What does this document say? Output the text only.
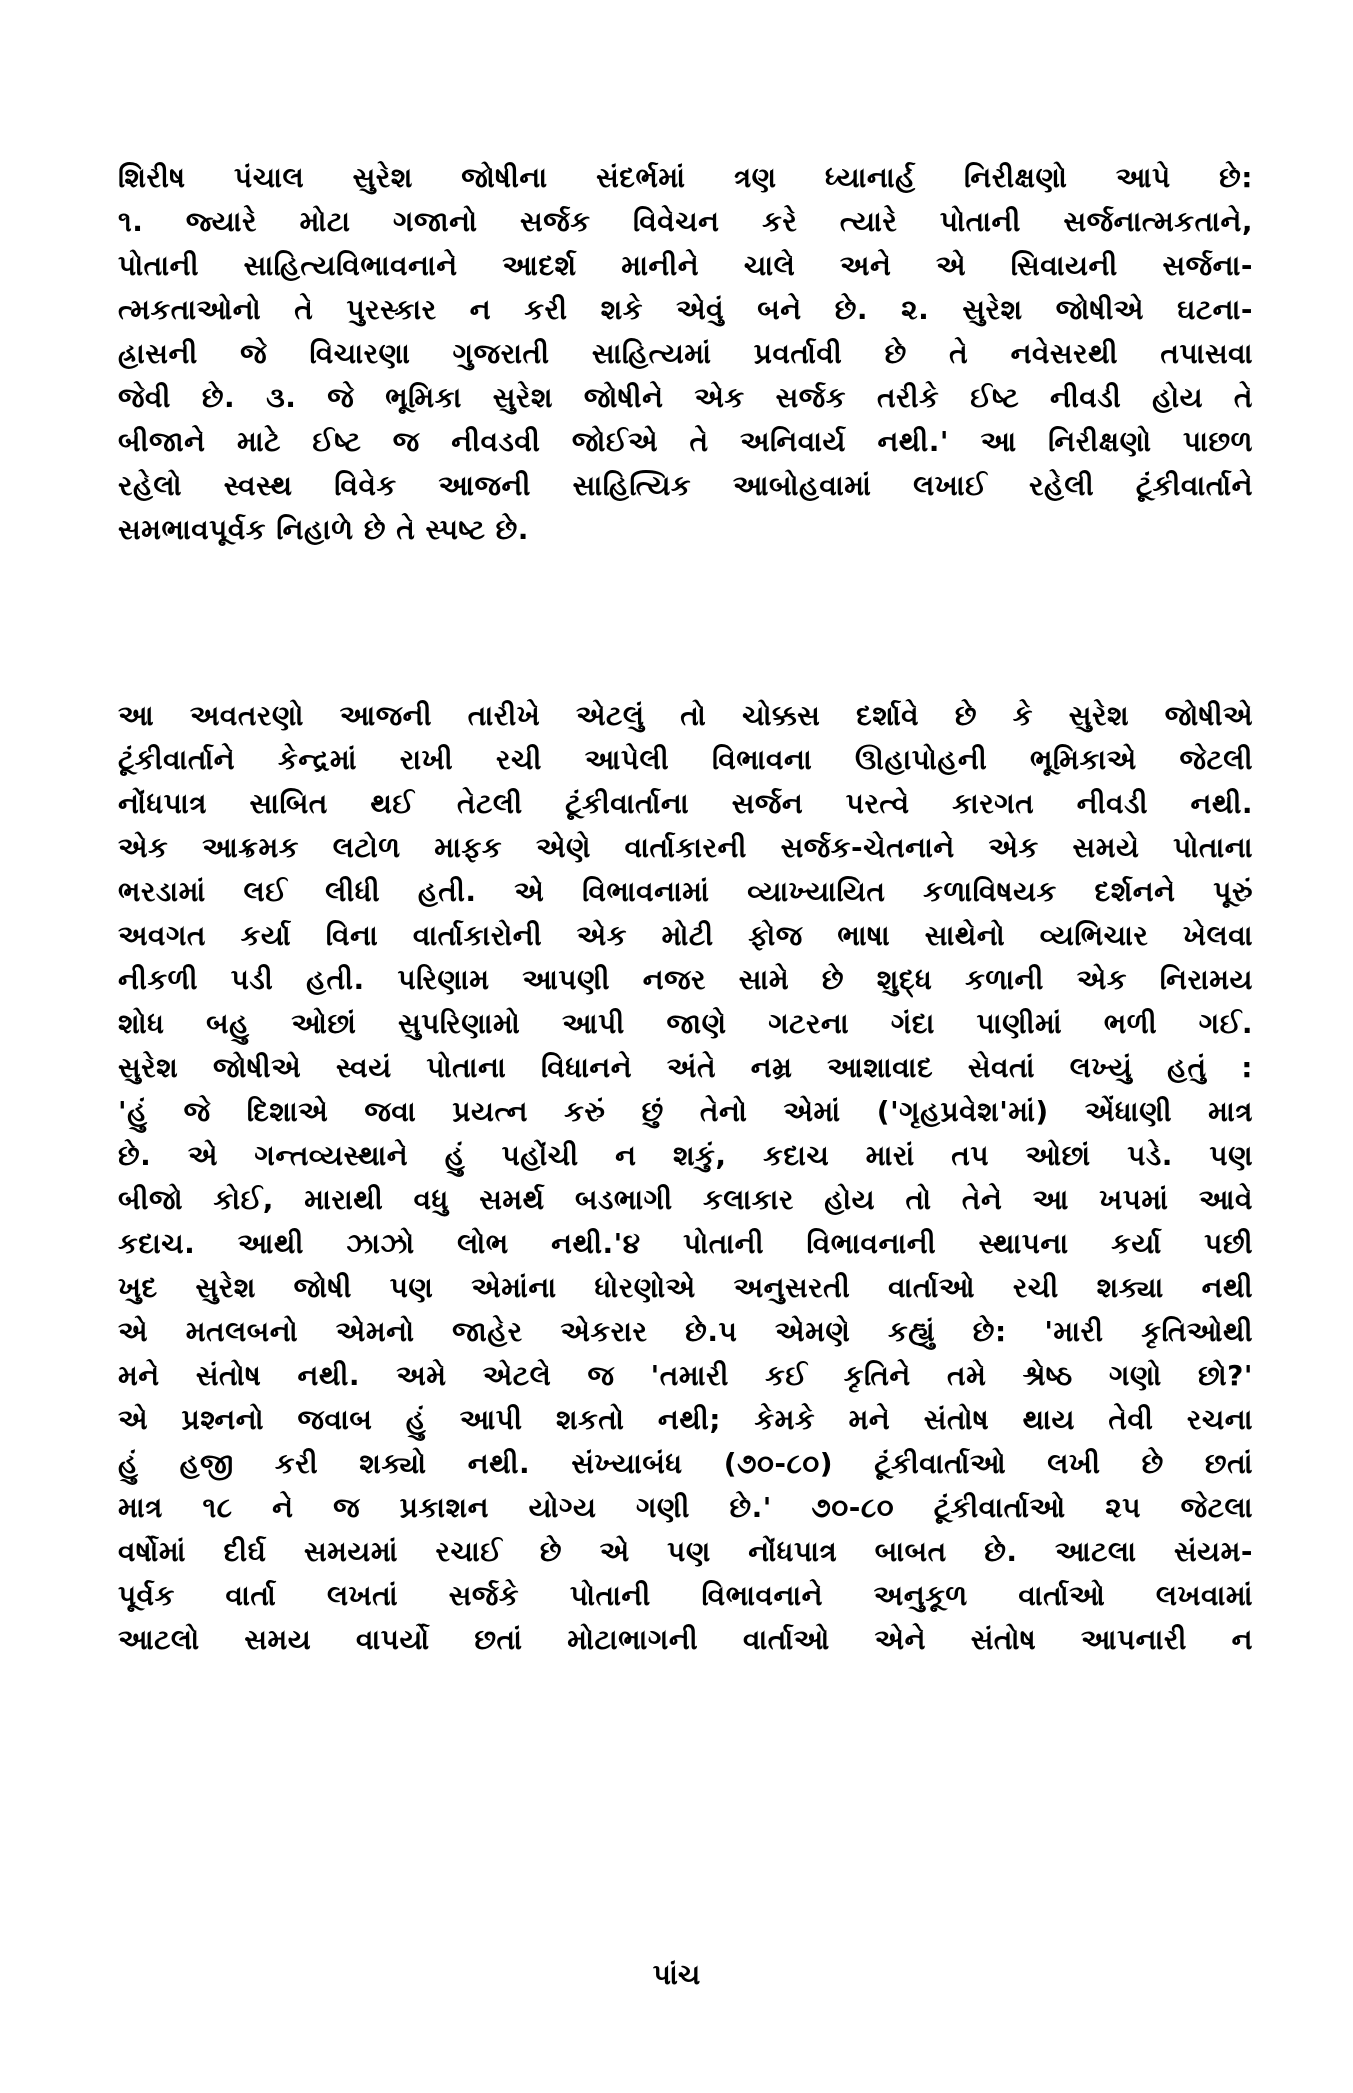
શિરીષ પંચાલ સુરેશ જોષીના સંદર્ભમાં ત્રણ ધ્યાનાર્હ નિરીક્ષણો આપે છે:
૧. જ્યારે મોટા ગજાનો સર્જક વિવેચન કરે ત્યારે પોતાની સર્જનાત્મકતાને,
પોતાની સાહિત્યવિભાવનાને આદર્શ માનીને ચાલે અને એ સિવાયની સર્જના-
ત્મકતાઓનો તે પુરસ્કાર ન કરી શકે એવું બને છે. ૨. સુરેશ જોષીએ ઘટના-
હ્રાસની જે વિચારણા ગુજરાતી સાહિત્યમાં પ્રવર્તાવી છે તે નવેસરથી તપાસવા
જેવી છે. ૩. જે ભૂમિકા સુરેશ જોષીને એક સર્જક તરીકે ઈષ્ટ નીવડી હોય તે
બીજાને માટે ઈષ્ટ જ નીવડવી જોઈએ તે અનિવાર્ય નથી.' આ નિરીક્ષણો પાછળ
રહેલો સ્વસ્થ વિવેક આજની સાહિત્યિક આબોહવામાં લખાઈ રહેલી ટૂંકીવાર્તાને
સમભાવપૂર્વક નિહાળે છે તે સ્પષ્ટ છે.
આ અવતરણો આજની તારીખે એટલું તો ચોક્કસ દર્શાવે છે કે સુરેશ જોષીએ
ટૂંકીવાર્તાને કેન્દ્રમાં રાખી રચી આપેલી વિભાવના ઊહાપોહની ભૂમિકાએ જેટલી
નોંધપાત્ર સાબિત થઈ તેટલી ટૂંકીવાર્તાના સર્જન પરત્વે કારગત નીવડી નથી.
એક આક્રમક લટોળ માફક એણે વાર્તાકારની સર્જક-ચેતનાને એક સમયે પોતાના
ભરડામાં લઈ લીધી હતી. એ વિભાવનામાં વ્યાખ્યાયિત કળાવિષયક દર્શનને પૂરું
અવગત કર્યા વિના વાર્તાકારોની એક મોટી ફોજ ભાષા સાથેનો વ્યભિચાર ખેલવા
નીકળી પડી હતી. પરિણામ આપણી નજર સામે છે શુદ્ધ કળાની એક નિરામય
શોધ બહુ ઓછાં સુપરિણામો આપી જાણે ગટરના ગંદા પાણીમાં ભળી ગઈ.
સુરેશ જોષીએ સ્વયં પોતાના વિધાનને અંતે નમ્ર આશાવાદ સેવતાં લખ્યું હતું :
'હું જે દિશાએ જવા પ્રયત્ન કરું છું તેનો એમાં ('ગૃહપ્રવેશ'માં) એંધાણી માત્ર
છે. એ ગન્તવ્યસ્થાને હું પહોંચી ન શકું, કદાચ મારાં તપ ઓછાં પડે. પણ
બીજો કોઈ, મારાથી વધુ સમર્થ બડભાગી કલાકાર હોય તો તેને આ ખપમાં આવે
કદાચ. આથી ઝાઝો લોભ નથી.'૪ પોતાની વિભાવનાની સ્થાપના કર્યા પછી
ખુદ સુરેશ જોષી પણ એમાંના ધોરણોએ અનુસરતી વાર્તાઓ રચી શક્યા નથી
એ મતલબનો એમનો જાહેર એકરાર છે.૫ એમણે કહ્યું છે: 'મારી કૃતિઓથી
મને સંતોષ નથી. અમે એટલે જ 'તમારી કઈ કૃતિને તમે શ્રેષ્ઠ ગણો છો?'
એ પ્રશ્નનો જવાબ હું આપી શકતો નથી; કેમકે મને સંતોષ થાય તેવી રચના
હું હજી કરી શક્યો નથી. સંખ્યાબંધ (૭૦-૮૦) ટૂંકીવાર્તાઓ લખી છે છતાં
માત્ર ૧૮ ને જ પ્રકાશન યોગ્ય ગણી છે.' ૭૦-૮૦ ટૂંકીવાર્તાઓ ૨૫ જેટલા
વર્ષોમાં દીર્ઘ સમયમાં રચાઈ છે એ પણ નોંધપાત્ર બાબત છે. આટલા સંયમ-
પૂર્વક વાર્તા લખતાં સર્જકે પોતાની વિભાવનાને અનુકૂળ વાર્તાઓ લખવામાં
આટલો સમય વાપર્યો છતાં મોટાભાગની વાર્તાઓ એને સંતોષ આપનારી ન
પાંચ
